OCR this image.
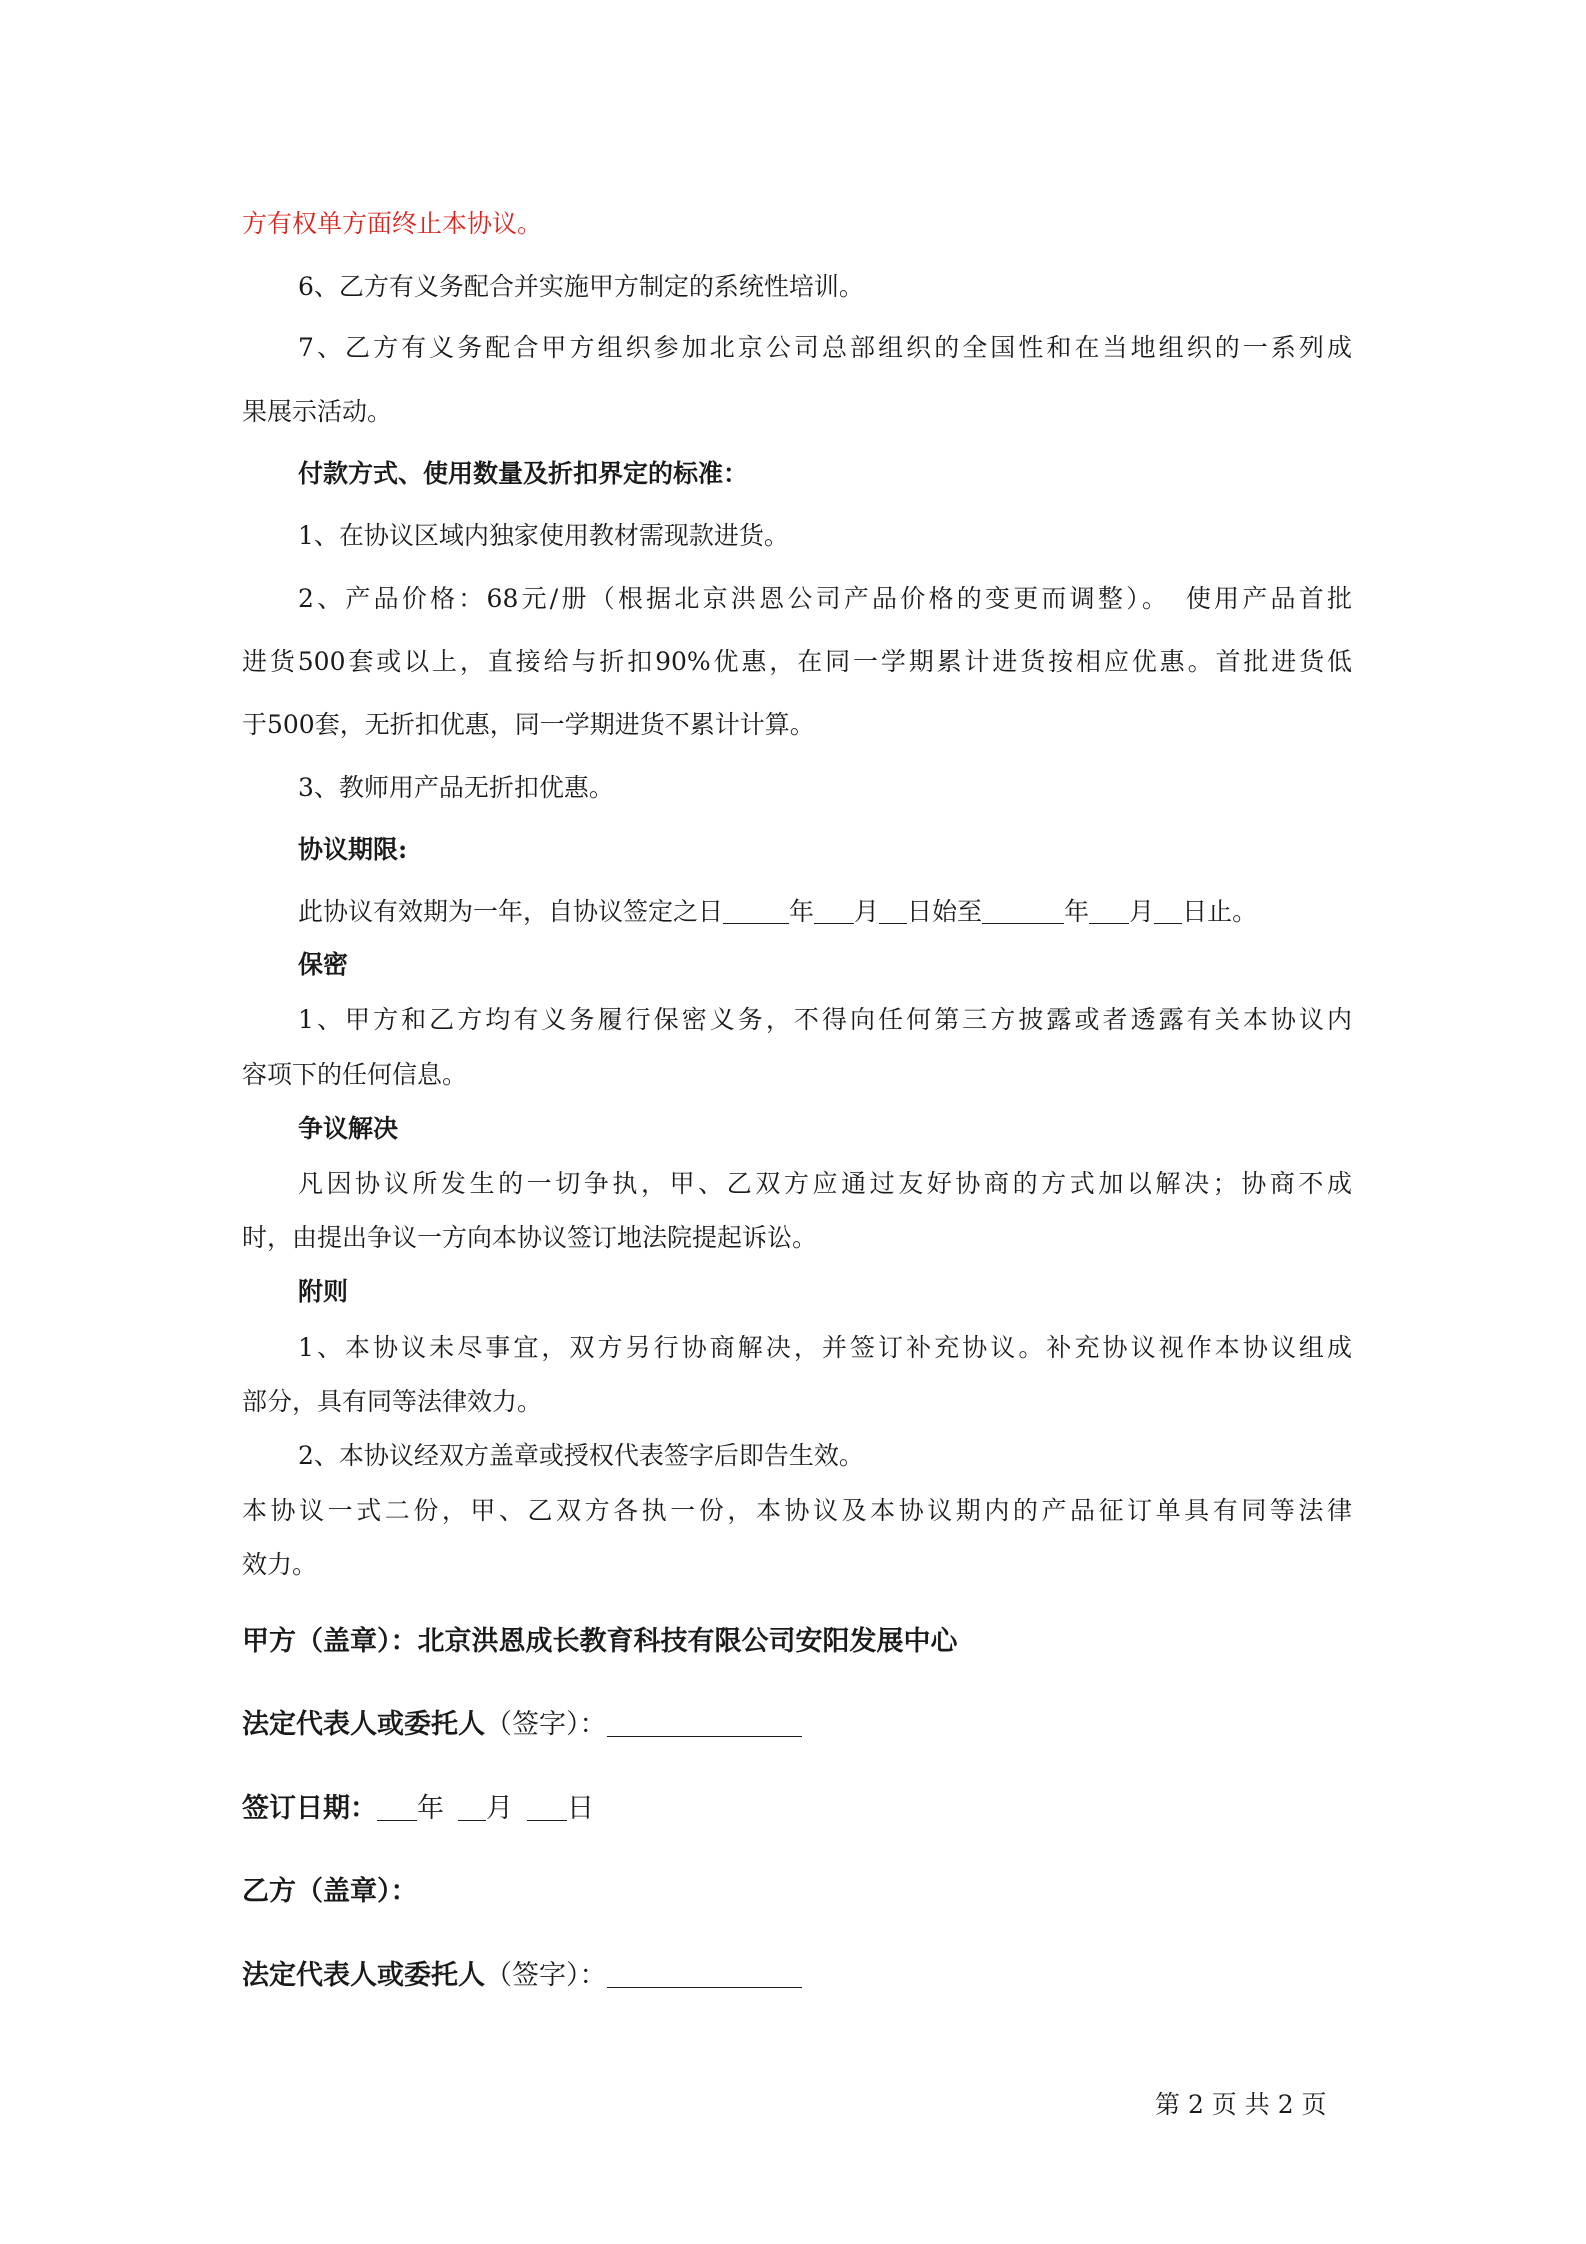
方有权单方面终止本协议。

6、乙方有义务配合并实施甲方制定的系统性培训。

7、乙方有义务配合甲方组织参加北京公司总部组织的全国性和在当地组织的一系列成

果展示活动。

付款方式、使用数量及折扣界定的标准：

1、在协议区域内独家使用教材需现款进货。

2、产品价格：68元/册（根据北京洪恩公司产品价格的变更而调整）。　使用产品首批

进货500套或以上，直接给与折扣90%优惠，在同一学期累计进货按相应优惠。首批进货低

于500套，无折扣优惠，同一学期进货不累计计算。

3、教师用产品无折扣优惠。

协议期限:

此协议有效期为一年，自协议签定之日	年 月 日始至	年 月 日止。

保密

1、甲方和乙方均有义务履行保密义务，不得向任何第三方披露或者透露有关本协议内

容项下的任何信息。

争议解决

凡因协议所发生的一切争执，甲、乙双方应通过友好协商的方式加以解决；协商不成

时，由提出争议一方向本协议签订地法院提起诉讼。

附则

1、本协议未尽事宜，双方另行协商解决，并签订补充协议。补充协议视作本协议组成

部分，具有同等法律效力。

2、本协议经双方盖章或授权代表签字后即告生效。

本协议一式二份，甲、乙双方各执一份，本协议及本协议期内的产品征订单具有同等法律

效力。

甲方（盖章）：北京洪恩成长教育科技有限公司安阳发展中心

法定代表人或委托人（签字）：

签订日期： 年 月 日

乙方（盖章）：

法定代表人或委托人（签字）：

第 2 页 共 2 页
